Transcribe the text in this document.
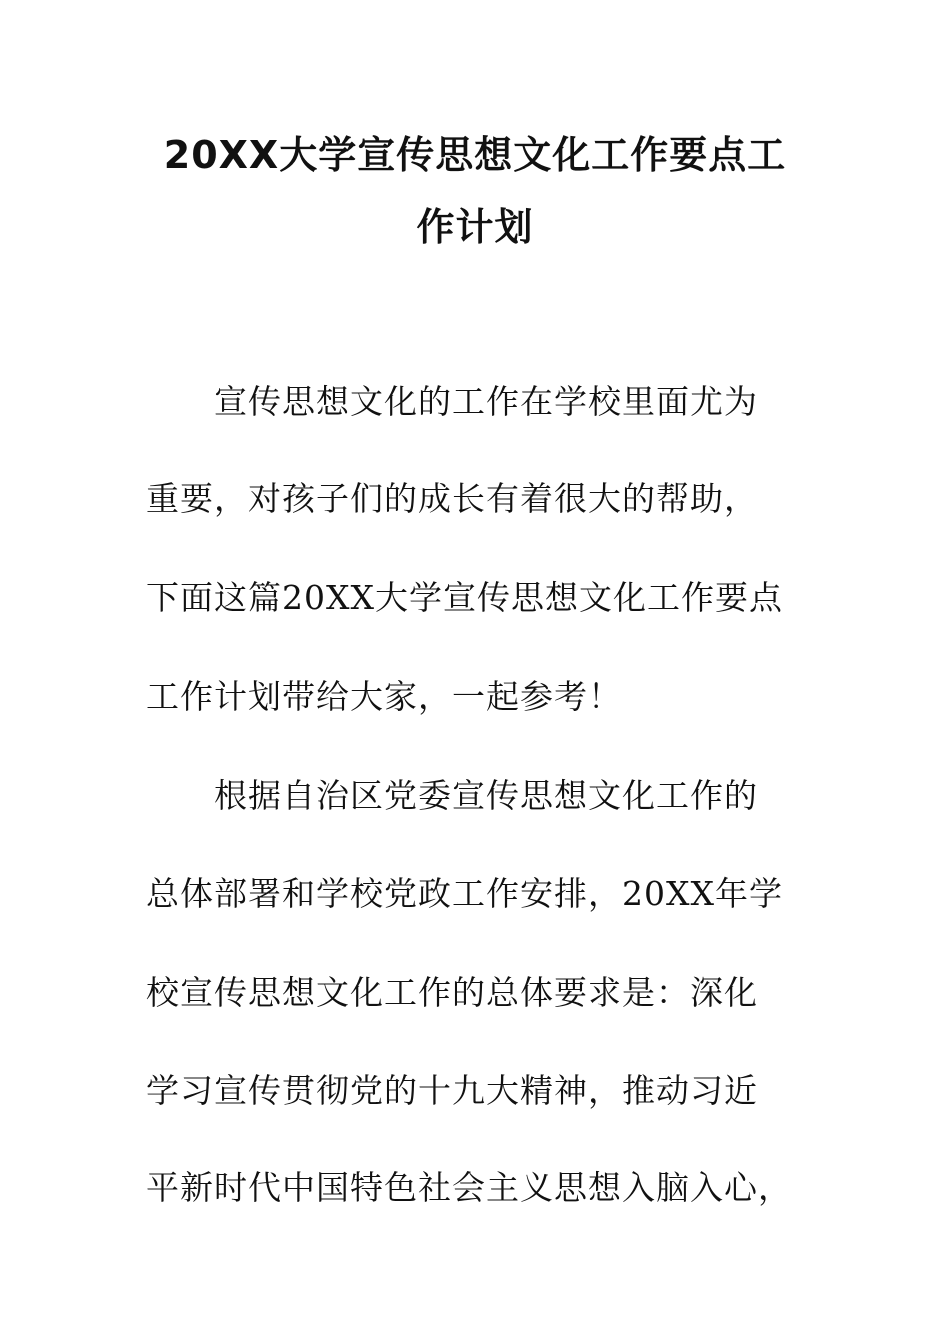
20XX大学宣传思想文化工作要点工
作计划

宣传思想文化的工作在学校里面尤为

重要，对孩子们的成长有着很大的帮助，

下面这篇20XX大学宣传思想文化工作要点

工作计划带给大家，一起参考！

根据自治区党委宣传思想文化工作的

总体部署和学校党政工作安排，20XX年学

校宣传思想文化工作的总体要求是：深化

学习宣传贯彻党的十九大精神，推动习近

平新时代中国特色社会主义思想入脑入心，
